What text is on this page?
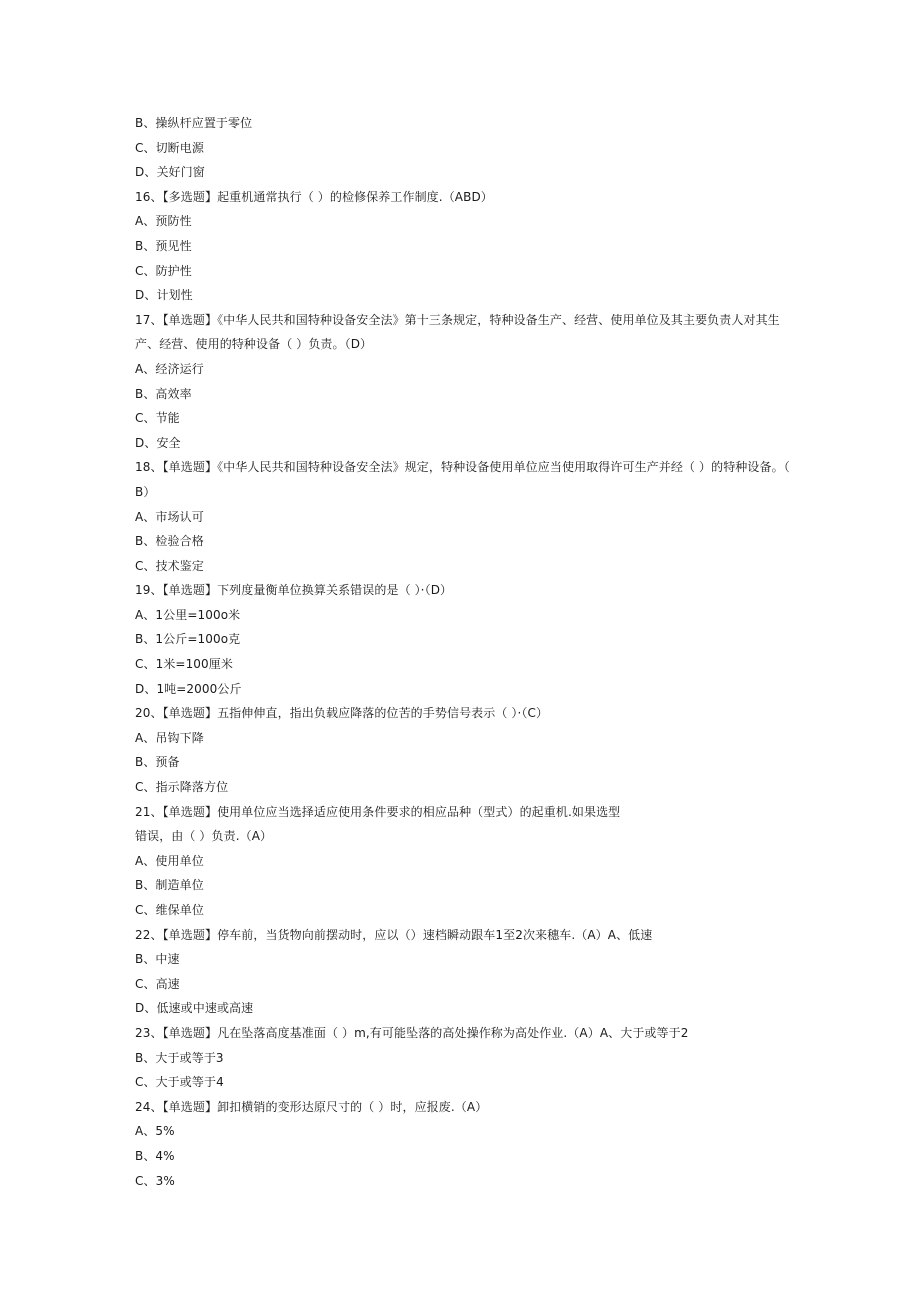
B、操纵杆应置于零位
C、切断电源
D、关好门窗
16、【多选题】起重机通常执行（ ）的检修保养工作制度.（ABD）
A、预防性
B、预见性
C、防护性
D、计划性
17、【单选题】《中华人民共和国特种设备安全法》第十三条规定，特种设备生产、经营、使用单位及其主要负责人对其生
产、经营、使用的特种设备（ ）负责。（D）
A、经济运行
B、高效率
C、节能
D、安全
18、【单选题】《中华人民共和国特种设备安全法》规定，特种设备使用单位应当使用取得许可生产并经（ ）的特种设备。（
B）
A、市场认可
B、检验合格
C、技术鉴定
19、【单选题】下列度量衡单位换算关系错误的是（ ）·（D）
A、1公里=100o米
B、1公斤=100o克
C、1米=100厘米
D、1吨=2000公斤
20、【单选题】五指伸伸直，指出负载应降落的位苦的手势信号表示（ ）·（C）
A、吊钩下降
B、预备
C、指示降落方位
21、【单选题】使用单位应当选择适应使用条件要求的相应品种（型式）的起重机.如果选型
错误，由（ ）负责.（A）
A、使用单位
B、制造单位
C、维保单位
22、【单选题】停车前，当货物向前摆动时，应以（）速档瞬动跟车1至2次来穗车.（A）A、低速
B、中速
C、高速
D、低速或中速或高速
23、【单选题】凡在坠落高度基准面（ ）m,有可能坠落的高处操作称为高处作业.（A）A、大于或等于2
B、大于或等于3
C、大于或等于4
24、【单选题】卸扣横销的变形达原尺寸的（ ）时，应报废.（A）
A、5%
B、4%
C、3%
